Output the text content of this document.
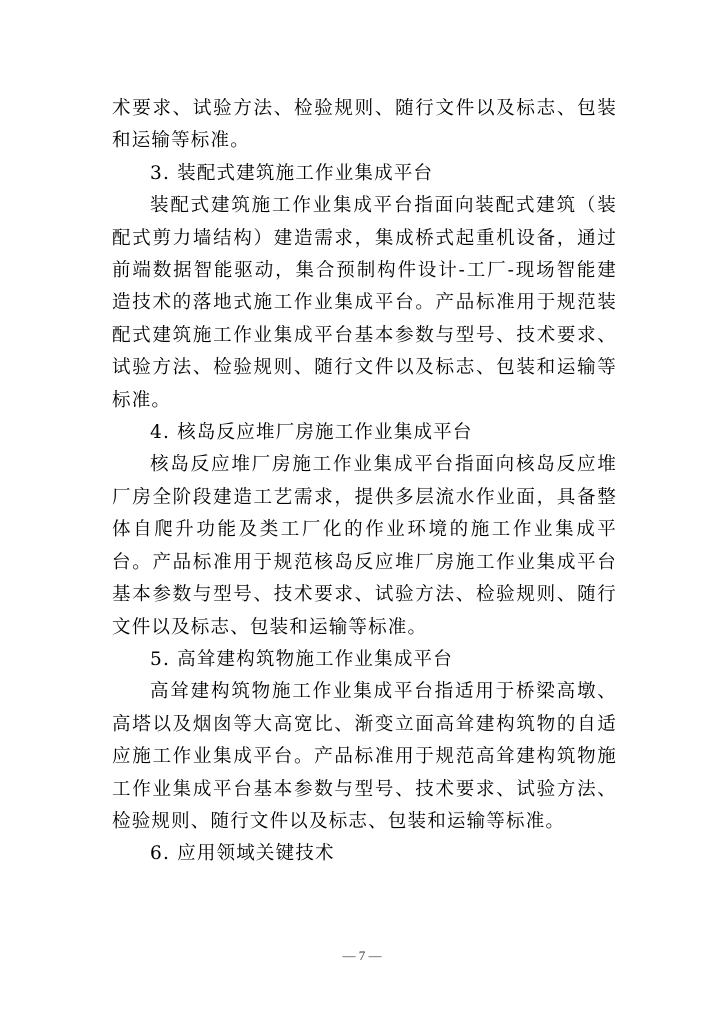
术要求、试验方法、检验规则、随行文件以及标志、包装和运输等标准。

3. 装配式建筑施工作业集成平台

装配式建筑施工作业集成平台指面向装配式建筑（装配式剪力墙结构）建造需求，集成桥式起重机设备，通过前端数据智能驱动，集合预制构件设计-工厂-现场智能建造技术的落地式施工作业集成平台。产品标准用于规范装配式建筑施工作业集成平台基本参数与型号、技术要求、试验方法、检验规则、随行文件以及标志、包装和运输等标准。

4. 核岛反应堆厂房施工作业集成平台

核岛反应堆厂房施工作业集成平台指面向核岛反应堆厂房全阶段建造工艺需求，提供多层流水作业面，具备整体自爬升功能及类工厂化的作业环境的施工作业集成平台。产品标准用于规范核岛反应堆厂房施工作业集成平台基本参数与型号、技术要求、试验方法、检验规则、随行文件以及标志、包装和运输等标准。

5. 高耸建构筑物施工作业集成平台

高耸建构筑物施工作业集成平台指适用于桥梁高墩、高塔以及烟囱等大高宽比、渐变立面高耸建构筑物的自适应施工作业集成平台。产品标准用于规范高耸建构筑物施工作业集成平台基本参数与型号、技术要求、试验方法、检验规则、随行文件以及标志、包装和运输等标准。

6. 应用领域关键技术

— 7 —
